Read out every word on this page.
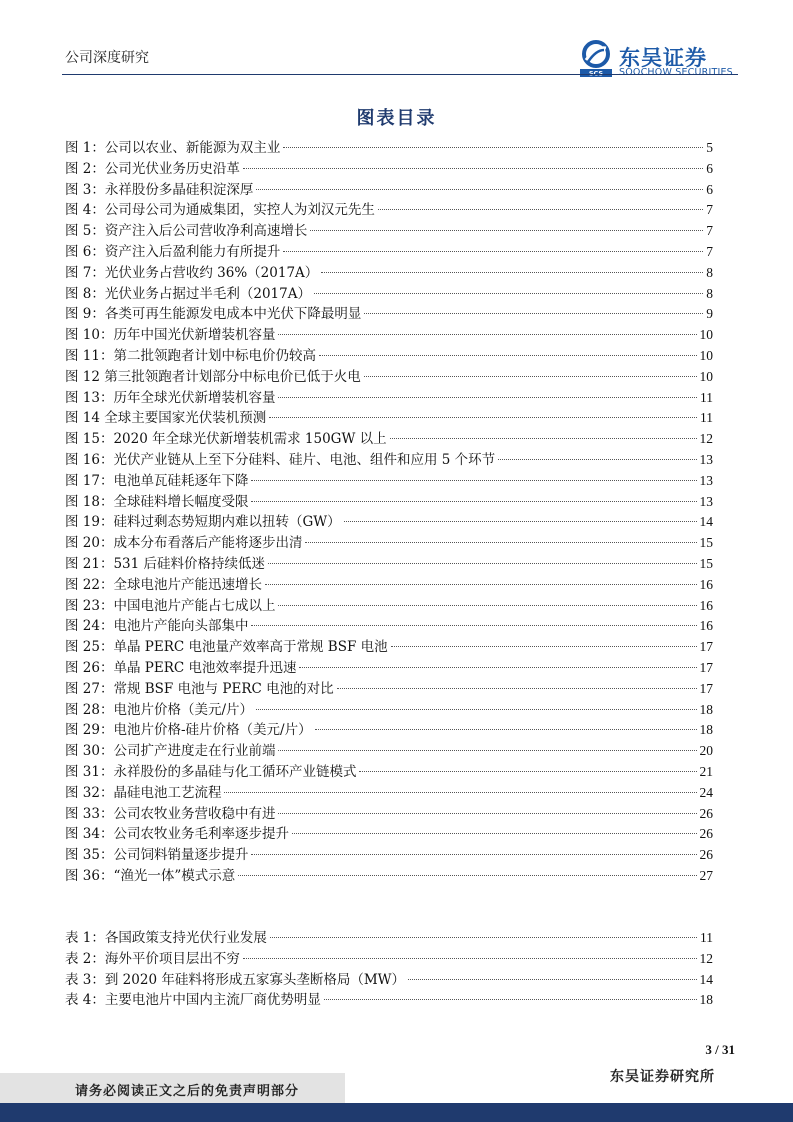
公司深度研究
SCS
东吴证券
SOOCHOW SECURITIES
图表目录
图 1：公司以农业、新能源为双主业	5
图 2：公司光伏业务历史沿革	6
图 3：永祥股份多晶硅积淀深厚	6
图 4：公司母公司为通威集团，实控人为刘汉元先生	7
图 5：资产注入后公司营收净利高速增长	7
图 6：资产注入后盈利能力有所提升	7
图 7：光伏业务占营收约 36%（2017A）	8
图 8：光伏业务占据过半毛利（2017A）	8
图 9：各类可再生能源发电成本中光伏下降最明显	9
图 10：历年中国光伏新增装机容量	10
图 11：第二批领跑者计划中标电价仍较高	10
图 12 第三批领跑者计划部分中标电价已低于火电	10
图 13：历年全球光伏新增装机容量	11
图 14 全球主要国家光伏装机预测	11
图 15：2020 年全球光伏新增装机需求 150GW 以上	12
图 16：光伏产业链从上至下分硅料、硅片、电池、组件和应用 5 个环节	13
图 17：电池单瓦硅耗逐年下降	13
图 18：全球硅料增长幅度受限	13
图 19：硅料过剩态势短期内难以扭转（GW）	14
图 20：成本分布看落后产能将逐步出清	15
图 21：531 后硅料价格持续低迷	15
图 22：全球电池片产能迅速增长	16
图 23：中国电池片产能占七成以上	16
图 24：电池片产能向头部集中	16
图 25：单晶 PERC 电池量产效率高于常规 BSF 电池	17
图 26：单晶 PERC 电池效率提升迅速	17
图 27：常规 BSF 电池与 PERC 电池的对比	17
图 28：电池片价格（美元/片）	18
图 29：电池片价格-硅片价格（美元/片）	18
图 30：公司扩产进度走在行业前端	20
图 31：永祥股份的多晶硅与化工循环产业链模式	21
图 32：晶硅电池工艺流程	24
图 33：公司农牧业务营收稳中有进	26
图 34：公司农牧业务毛利率逐步提升	26
图 35：公司饲料销量逐步提升	26
图 36：“渔光一体”模式示意	27
表 1：各国政策支持光伏行业发展	11
表 2：海外平价项目层出不穷	12
表 3：到 2020 年硅料将形成五家寡头垄断格局（MW）	14
表 4：主要电池片中国内主流厂商优势明显	18
3 / 31
请务必阅读正文之后的免责声明部分
东吴证券研究所
